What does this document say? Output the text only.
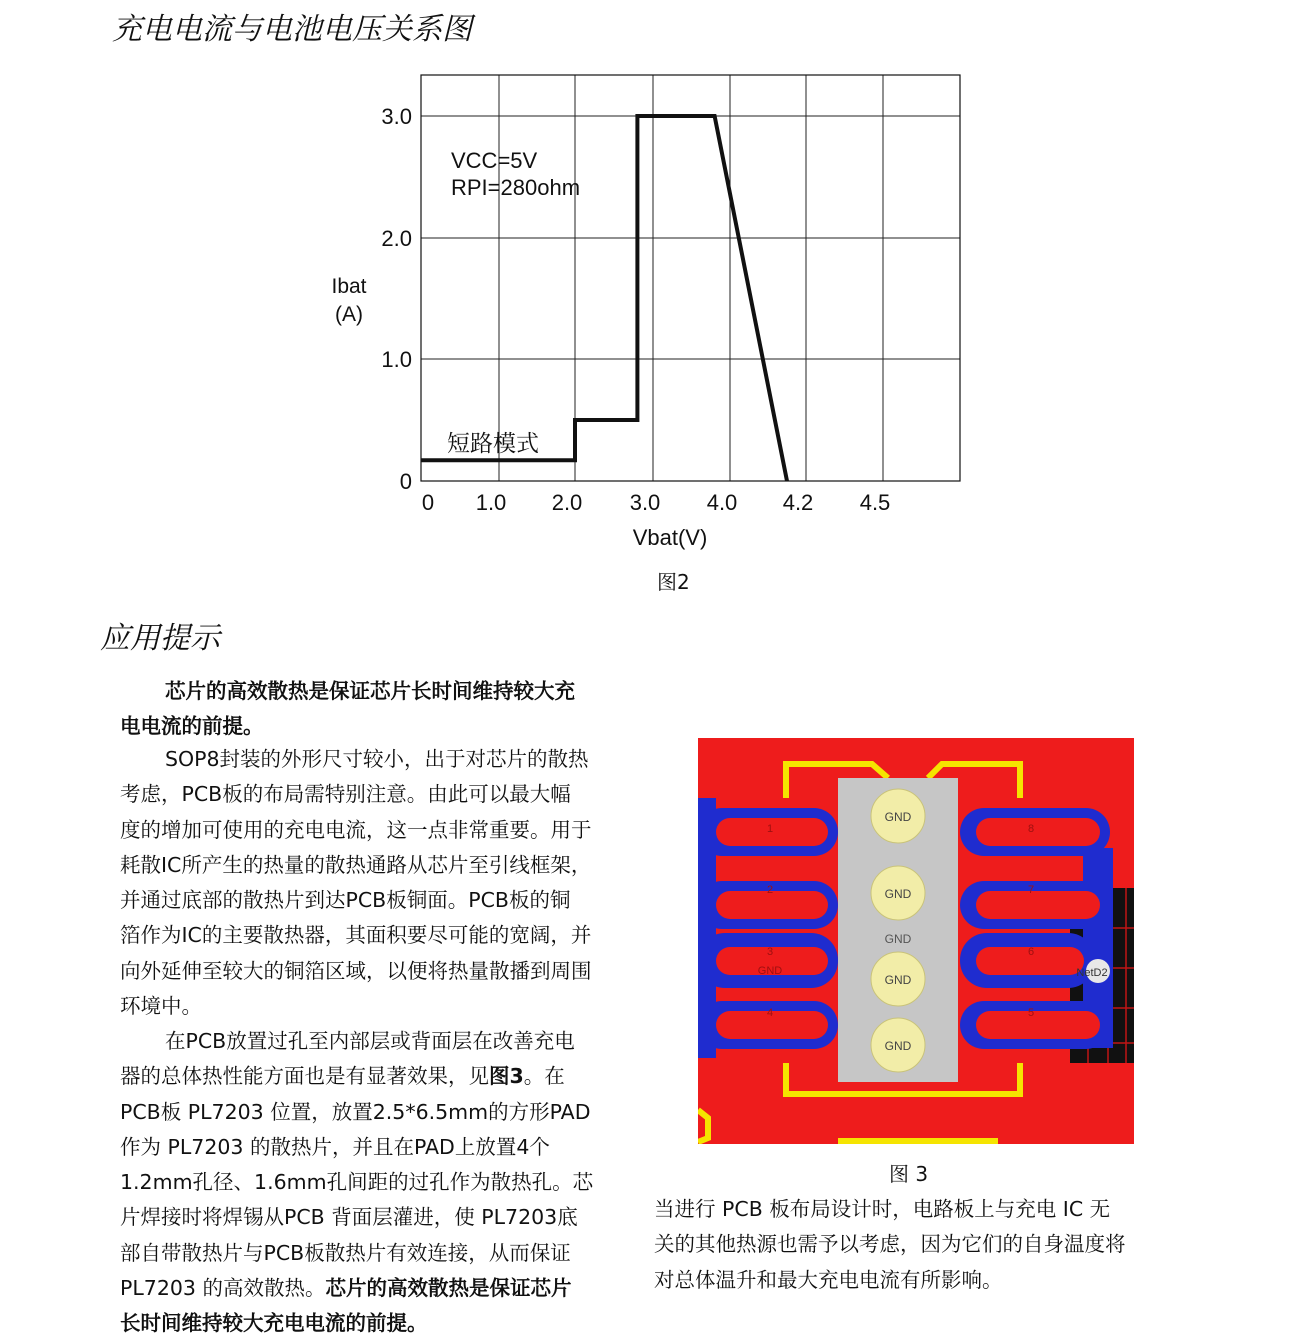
充电电流与电池电压关系图
0 1.0 2.0 3.0 4.0 4.2 4.5
0
1.0
2.0
3.0
VCC=5V
RPI=280ohm
短路模式
Ibat
(A)
Vbat(V)
图2
应用提示
芯片的高效散热是保证芯片长时间维持较大充
电电流的前提。
SOP8封装的外形尺寸较小，出于对芯片的散热
考虑，PCB板的布局需特别注意。由此可以最大幅
度的增加可使用的充电电流，这一点非常重要。用于
耗散IC所产生的热量的散热通路从芯片至引线框架，
并通过底部的散热片到达PCB板铜面。PCB板的铜
箔作为IC的主要散热器，其面积要尽可能的宽阔，并
向外延伸至较大的铜箔区域，以便将热量散播到周围
环境中。
在PCB放置过孔至内部层或背面层在改善充电
器的总体热性能方面也是有显著效果，见图3。在
PCB板 PL7203 位置，放置2.5*6.5mm的方形PAD
作为 PL7203 的散热片，并且在PAD上放置4个
1.2mm孔径、1.6mm孔间距的过孔作为散热孔。芯
片焊接时将焊锡从PCB 背面层灌进，使 PL7203底
部自带散热片与PCB板散热片有效连接，从而保证
PL7203 的高效散热。芯片的高效散热是保证芯片
长时间维持较大充电电流的前提。
GND
GND
GND
GND
GND
GND	NetD2
1
2
3
4	5
6
7
8
图 3
当进行 PCB 板布局设计时，电路板上与充电 IC 无
关的其他热源也需予以考虑，因为它们的自身温度将
对总体温升和最大充电电流有所影响。
